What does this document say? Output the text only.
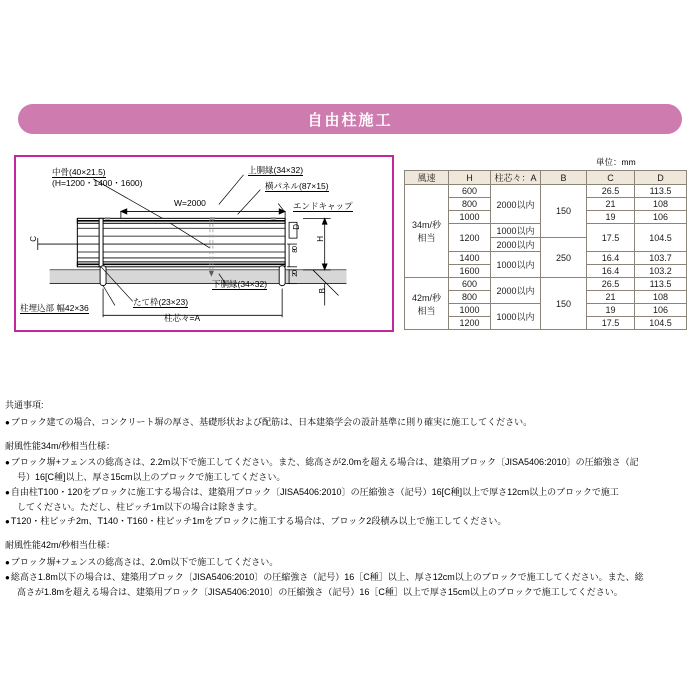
自由柱施工
中骨(40×21.5)
(H=1200・1400・1600)
上胴縁(34×32)
横パネル(87×15)
エンドキャップ
W=2000
下胴縁(34×32)
たて枠(23×23)
柱埋込部 幅42×36
柱芯々=A
C
D
80
20
H
B
単位：mm
風速	H	柱芯々：A	B	C	D

34m/秒
相当	600	2000以内	150	26.5	113.5
	800			21	108
	1000			19	106
	1200	1000以内		17.5	104.5
		2000以内	250		
	1400	1000以内		16.4	103.7
	1600			16.4	103.2

42m/秒
相当	600	2000以内	150	26.5	113.5
	800			21	108
	1000	1000以内		19	106
	1200			17.5	104.5

共通事項:

● ブロック建ての場合、コンクリート塀の厚さ、基礎形状および配筋は、日本建築学会の設計基準に則り確実に施工してください。

耐風性能34m/秒相当仕様：

● ブロック塀+フェンスの総高さは、2.2m以下で施工してください。また、総高さが2.0mを超える場合は、建築用ブロック〔JISA5406:2010〕の圧縮強さ（記

号）16[C種]以上、厚さ15cm以上のブロックで施工してください。

● 自由柱T100・120をブロックに施工する場合は、建築用ブロック〔JISA5406:2010〕の圧縮強さ（記号）16[C種]以上で厚さ12cm以上のブロックで施工

してください。ただし、柱ピッチ1m以下の場合は除きます。

● T120・柱ピッチ2m、T140・T160・柱ピッチ1mをブロックに施工する場合は、ブロック2段積み以上で施工してください。

耐風性能42m/秒相当仕様：

● ブロック塀+フェンスの総高さは、2.0m以下で施工してください。

● 総高さ1.8m以下の場合は、建築用ブロック〔JISA5406:2010〕の圧縮強さ（記号）16［C種］以上、厚さ12cm以上のブロックで施工してください。また、総

高さが1.8mを超える場合は、建築用ブロック〔JISA5406:2010〕の圧縮強さ（記号）16［C種］以上で厚さ15cm以上のブロックで施工してください。
